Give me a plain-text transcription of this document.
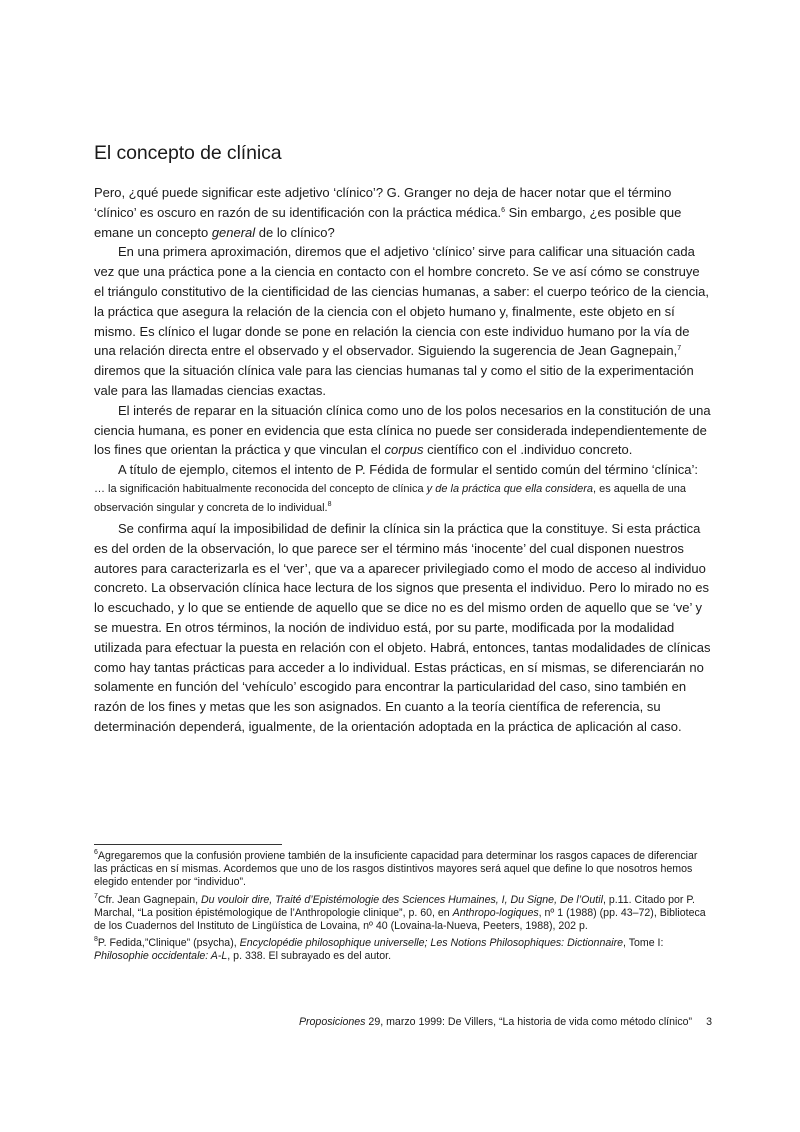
El concepto de clínica

Pero, ¿qué puede significar este adjetivo ‘clínico’? G. Granger no deja de hacer notar que el término ‘clínico’ es oscuro en razón de su identificación con la práctica médica.$^6$ Sin embargo, ¿es posible que emane un concepto general de lo clínico?

En una primera aproximación, diremos que el adjetivo ‘clínico’ sirve para calificar una situación cada vez que una práctica pone a la ciencia en contacto con el hombre concreto. Se ve así cómo se construye el triángulo constitutivo de la cientificidad de las ciencias humanas, a saber: el cuerpo teórico de la ciencia, la práctica que asegura la relación de la ciencia con el objeto humano y, finalmente, este objeto en sí mismo. Es clínico el lugar donde se pone en relación la ciencia con este individuo humano por la vía de una relación directa entre el observado y el observador. Siguiendo la sugerencia de Jean Gagnepain,$^7$ diremos que la situación clínica vale para las ciencias humanas tal y como el sitio de la experimentación vale para las llamadas ciencias exactas.

El interés de reparar en la situación clínica como uno de los polos necesarios en la constitución de una ciencia humana, es poner en evidencia que esta clínica no puede ser considerada independientemente de los fines que orientan la práctica y que vinculan el corpus científico con el .individuo concreto.

A título de ejemplo, citemos el intento de P. Fédida de formular el sentido común del término ‘clínica’:

… la significación habitualmente reconocida del concepto de clínica y de la práctica que ella considera, es aquella de una observación singular y concreta de lo individual.$^8$

Se confirma aquí la imposibilidad de definir la clínica sin la práctica que la constituye. Si esta práctica es del orden de la observación, lo que parece ser el término más ‘inocente’ del cual disponen nuestros autores para caracterizarla es el ‘ver’, que va a aparecer privilegiado como el modo de acceso al individuo concreto. La observación clínica hace lectura de los signos que presenta el individuo. Pero lo mirado no es lo escuchado, y lo que se entiende de aquello que se dice no es del mismo orden de aquello que se ‘ve’ y se muestra. En otros términos, la noción de individuo está, por su parte, modificada por la modalidad utilizada para efectuar la puesta en relación con el objeto. Habrá, entonces, tantas modalidades de clínicas como hay tantas prácticas para acceder a lo individual. Estas prácticas, en sí mismas, se diferenciarán no solamente en función del ‘vehículo’ escogido para encontrar la particularidad del caso, sino también en razón de los fines y metas que les son asignados. En cuanto a la teoría científica de referencia, su determinación dependerá, igualmente, de la orientación adoptada en la práctica de aplicación al caso.

$^6$Agregaremos que la confusión proviene también de la insuficiente capacidad para determinar los rasgos capaces de diferenciar las prácticas en sí mismas. Acordemos que uno de los rasgos distintivos mayores será aquel que define lo que nosotros hemos elegido entender por “individuo”.

$^7$Cfr. Jean Gagnepain, Du vouloir dire, Traité d’Epistémologie des Sciences Humaines, I, Du Signe, De l’Outil, p.11. Citado por P. Marchal, “La position épistémologique de l’Anthropologie clinique”, p. 60, en Anthropo-logiques, nº 1 (1988) (pp. 43–72), Biblioteca de los Cuadernos del Instituto de Lingüística de Lovaina, nº 40 (Lovaina-la-Nueva, Peeters, 1988), 202 p.

$^8$P. Fedida,”Clinique” (psycha), Encyclopédie philosophique universelle; Les Notions Philosophiques: Dictionnaire, Tome I: Philosophie occidentale: A-L, p. 338. El subrayado es del autor.

Proposiciones 29, marzo 1999: De Villers, “La historia de vida como método clínico” 3
